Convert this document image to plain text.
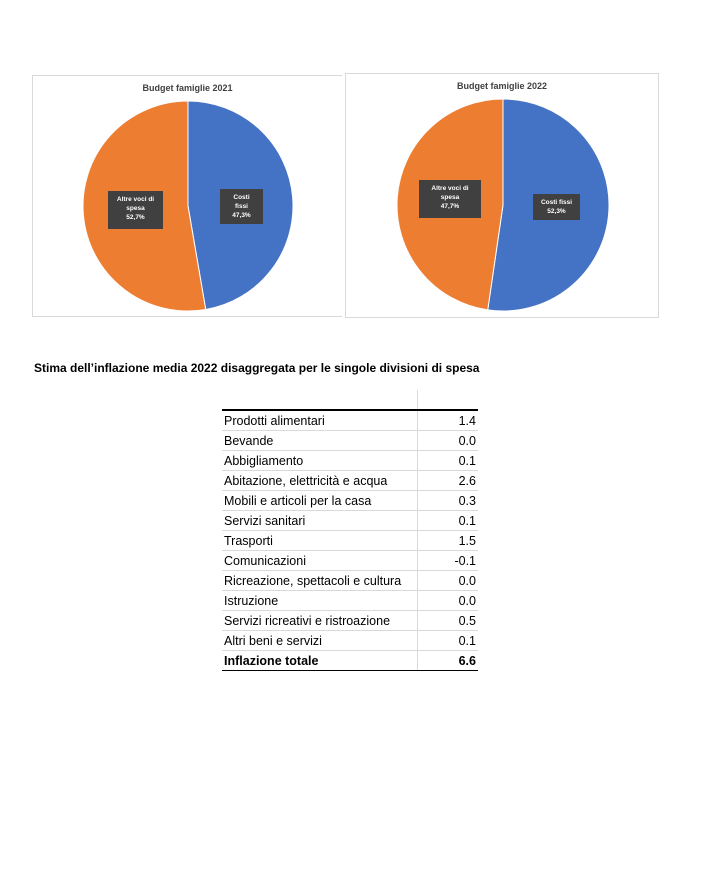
Budget famiglie 2021
Costi fissi
47,3%
Altre voci di
spesa
52,7%
Budget famiglie 2022
Costi fissi
52,3%
Altre voci di
spesa
47,7%
Stima dell’inflazione media 2022 disaggregata per le singole divisioni di spesa

Prodotti alimentari	1.4
Bevande	0.0
Abbigliamento	0.1
Abitazione, elettricità e acqua	2.6
Mobili e articoli per la casa	0.3
Servizi sanitari	0.1
Trasporti	1.5
Comunicazioni	-0.1
Ricreazione, spettacoli e cultura	0.0
Istruzione	0.0
Servizi ricreativi e ristroazione	0.5
Altri beni e servizi	0.1
Inflazione totale	6.6
